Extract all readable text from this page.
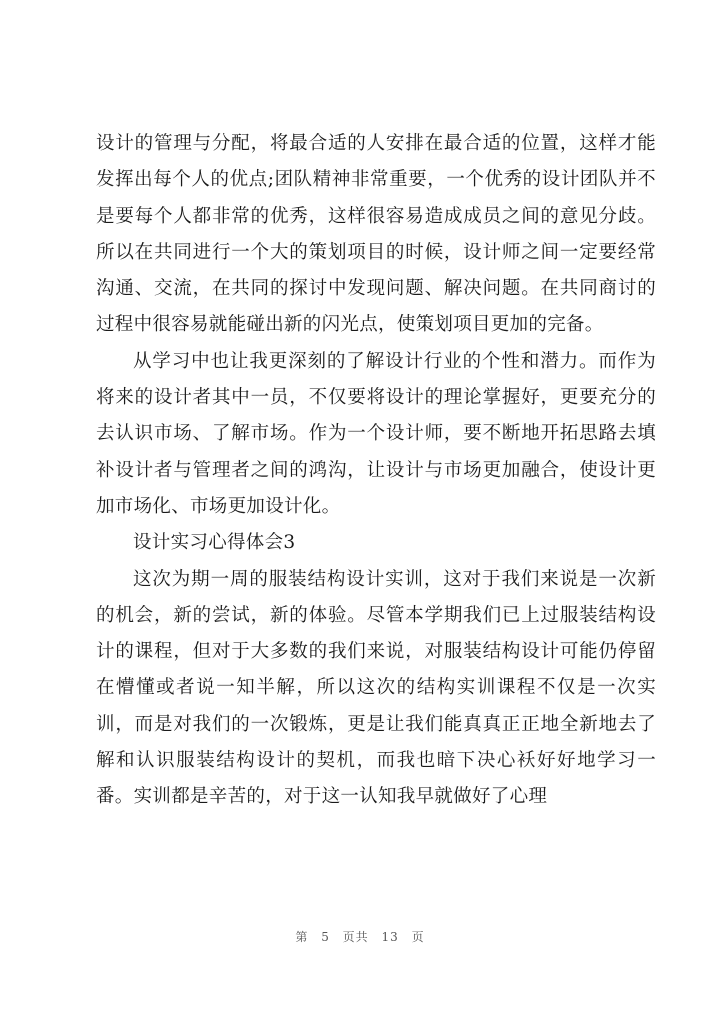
设计的管理与分配，将最合适的人安排在最合适的位置，这样才能发挥出每个人的优点;团队精神非常重要，一个优秀的设计团队并不是要每个人都非常的优秀，这样很容易造成成员之间的意见分歧。所以在共同进行一个大的策划项目的时候，设计师之间一定要经常沟通、交流，在共同的探讨中发现问题、解决问题。在共同商讨的过程中很容易就能碰出新的闪光点，使策划项目更加的完备。

从学习中也让我更深刻的了解设计行业的个性和潜力。而作为将来的设计者其中一员，不仅要将设计的理论掌握好，更要充分的去认识市场、了解市场。作为一个设计师，要不断地开拓思路去填补设计者与管理者之间的鸿沟，让设计与市场更加融合，使设计更加市场化、市场更加设计化。

设计实习心得体会3

这次为期一周的服装结构设计实训，这对于我们来说是一次新的机会，新的尝试，新的体验。尽管本学期我们已上过服装结构设计的课程，但对于大多数的我们来说，对服装结构设计可能仍停留在懵懂或者说一知半解，所以这次的结构实训课程不仅是一次实训，而是对我们的一次锻炼，更是让我们能真真正正地全新地去了解和认识服装结构设计的契机，而我也暗下决心袄好好地学习一番。实训都是辛苦的，对于这一认知我早就做好了心理

第 5 页共 13 页
